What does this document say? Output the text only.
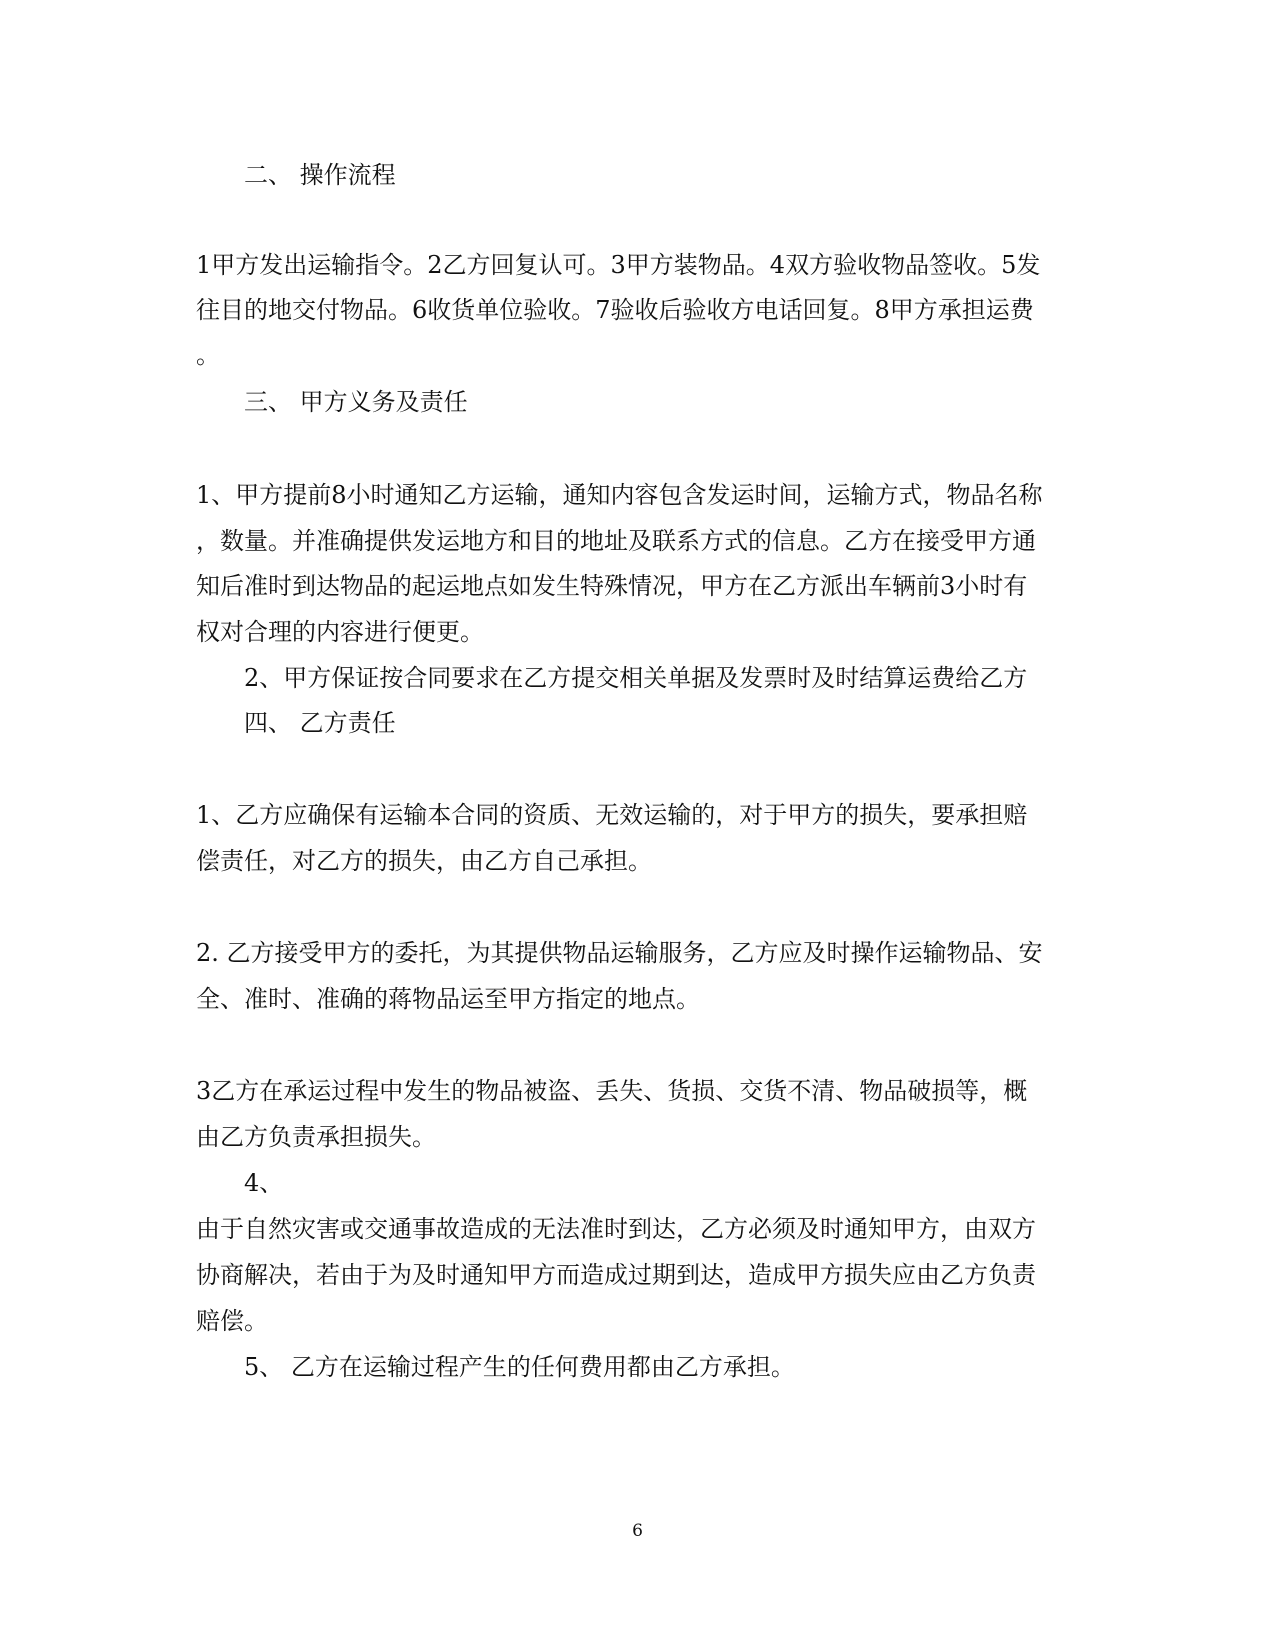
二、 操作流程

1甲方发出运输指令。2乙方回复认可。3甲方装物品。4双方验收物品签收。5发

往目的地交付物品。6收货单位验收。7验收后验收方电话回复。8甲方承担运费

。

三、 甲方义务及责任

1、甲方提前8小时通知乙方运输，通知内容包含发运时间，运输方式，物品名称

，数量。并准确提供发运地方和目的地址及联系方式的信息。乙方在接受甲方通

知后准时到达物品的起运地点如发生特殊情况，甲方在乙方派出车辆前3小时有

权对合理的内容进行便更。

2、甲方保证按合同要求在乙方提交相关单据及发票时及时结算运费给乙方

四、 乙方责任

1、乙方应确保有运输本合同的资质、无效运输的，对于甲方的损失，要承担赔

偿责任，对乙方的损失，由乙方自己承担。

2. 乙方接受甲方的委托，为其提供物品运输服务，乙方应及时操作运输物品、安

全、准时、准确的蒋物品运至甲方指定的地点。

3乙方在承运过程中发生的物品被盗、丢失、货损、交货不清、物品破损等，概

由乙方负责承担损失。

4、

由于自然灾害或交通事故造成的无法准时到达，乙方必须及时通知甲方，由双方

协商解决，若由于为及时通知甲方而造成过期到达，造成甲方损失应由乙方负责

赔偿。

5、 乙方在运输过程产生的任何费用都由乙方承担。

6
